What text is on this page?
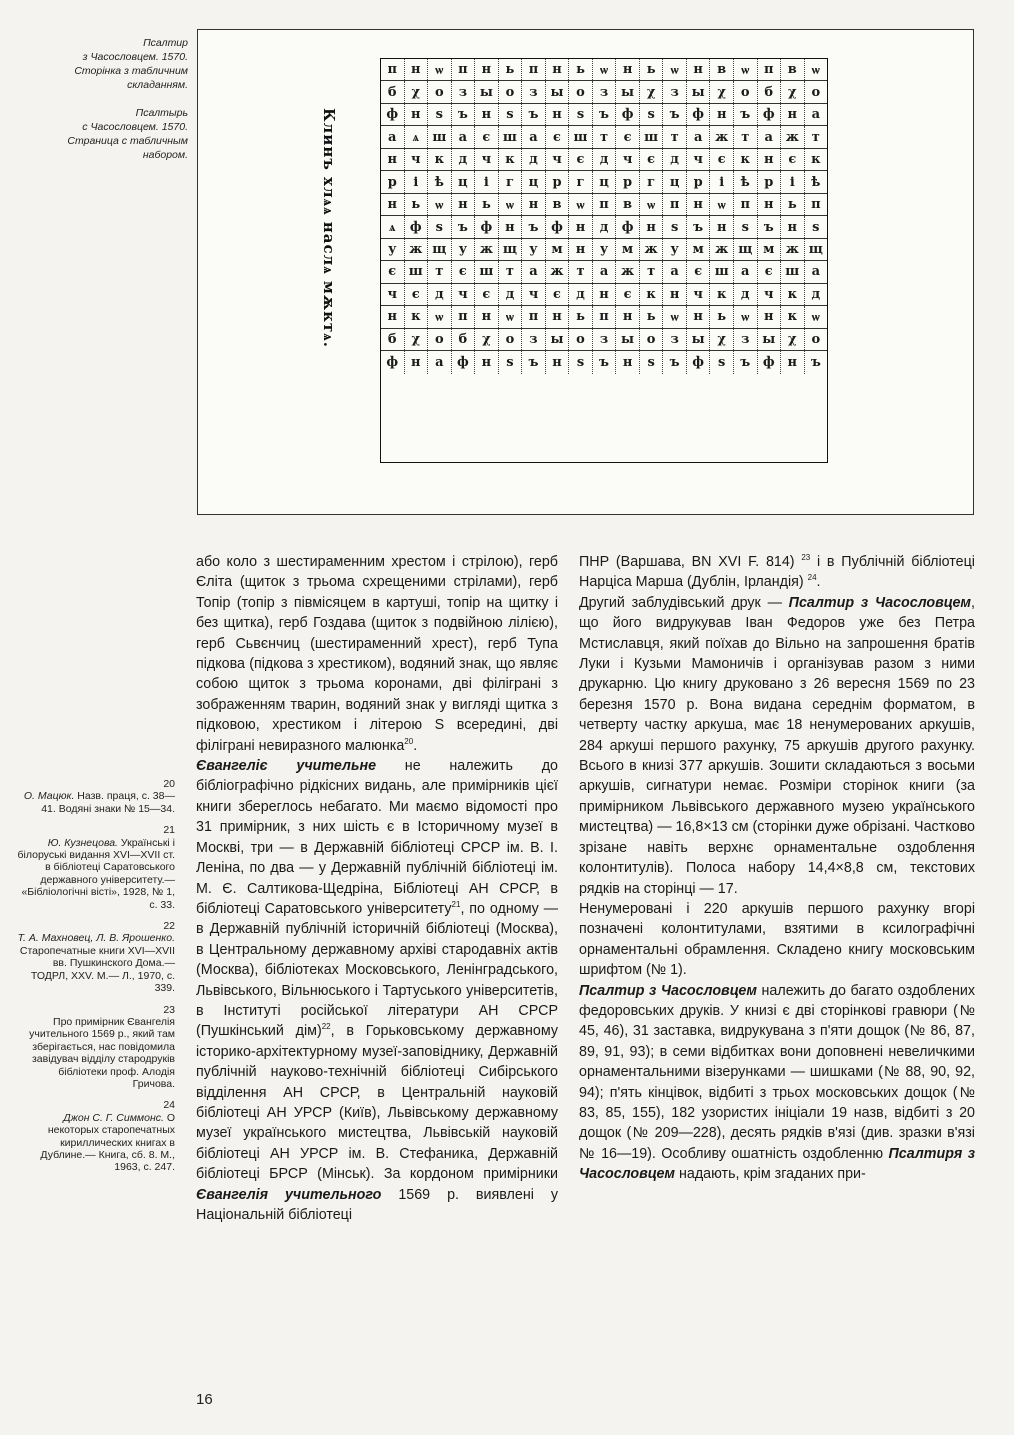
Псалтир
з Часословцем. 1570.
Сторінка з табличним
складанням.
Псалтырь
с Часословцем. 1570.
Страница с табличным
набором.	Клинъ хлѧѧ наслѧ мѫктѧ.
п	н	ѡ	п	н	ь	п	н	ь	ѡ	н	ь	ѡ	н	в	ѡ	п	в	ѡ
б	χ	о	з ы о	з ы о	з ы χ	з ы χ	о	б	χ	о
ф н	s	ъ	н	s	ъ	н	s	ъ ф	s	ъ ф н	ъ ф н	а
а	ѧ	ш а	є ш а	є ш т	є ш т	а ж т	а ж т
н	ч	к	д	ч	к	д	ч	є	д	ч	є	д	ч	є	к	н	є	к
р	і	ѣ	ц	і	г	ц	р	г	ц	р	г	ц	р	і	ѣ	р	і	ѣ
н	ь	ѡ	н	ь	ѡ	н	в	ѡ	п	в	ѡ	п	н	ѡ	п	н	ь	п
ѧ	ф	s	ъ ф н	ъ ф н	д	ф н	s	ъ	н	s	ъ	н	s
у ж щ у ж щ у	м	н	у	м ж у	м ж щ м ж щ
є ш т	є ш т	а ж т	а ж т	а	є ш а	є ш а
ч	є	д	ч	є	д	ч	є	д	н	є	к	н	ч	к	д	ч	к	д
н	к	ѡ	п	н	ѡ	п	н	ь	п	н	ь	ѡ	н	ь	ѡ	н	к	ѡ
б	χ	о	б	χ	о	з ы о	з ы о	з ы χ	з ы χ	о
ф н	а	ф н	s	ъ	н	s	ъ	н	s	ъ ф	s	ъ ф н	ъ
20
О. Мацюк. Назв. праця, с. 38—41. Водяні знаки № 15—34.
21
Ю. Кузнецова. Українські і білоруські видання XVI—XVII ст. в бібліотеці Саратовського державного університету.— «Бібліологічні вісті», 1928, № 1, с. 33.
22
Т. А. Махновец, Л. В. Ярошенко. Старопечатные книги XVI—XVII вв. Пушкинского Дома.— ТОДРЛ, XXV. М.— Л., 1970, с. 339.
23
Про примірник Євангелія учительного 1569 р., який там зберігається, нас повідомила завідувач відділу стародруків бібліотеки проф. Алодія Гричова.
24
Джон С. Г. Симмонс. О некоторых старопечатных кириллических книгах в Дублине.— Книга, сб. 8. М., 1963, с. 247.

або коло з шестираменним хрестом і стрілою), герб Єліта (щиток з трьома схрещеними стрілами), герб Топір (топір з півмісяцем в картуші, топір на щитку і без щитка), герб Гоздава (щиток з подвійною лілією), герб Сьвєнчиц (шестираменний хрест), герб Тупа підкова (підкова з хрестиком), водяний знак, що являє собою щиток з трьома коронами, дві філіграні з зображенням тварин, водяний знак у вигляді щитка з підковою, хрестиком і літерою S всередині, дві філіграні невиразного малюнка$^{20}$.

Євангеліє учительне не належить до бібліографічно рідкісних видань, але примірників цієї книги збереглось небагато. Ми маємо відомості про 31 примірник, з них шість є в Історичному музеї в Москві, три — в Державній бібліотеці СРСР ім. В. І. Леніна, по два — у Державній публічній бібліотеці ім. М. Є. Салтикова-Щедріна, Бібліотеці АН СРСР, в бібліотеці Саратовського університету$^{21}$, по одному — в Державній публічній історичній бібліотеці (Москва), в Центральному державному архіві стародавніх актів (Москва), бібліотеках Московського, Ленінградського, Львівського, Вільнюського і Тартуського університетів, в Інституті російської літератури АН СРСР (Пушкінський дім)$^{22}$, в Горьковському державному історико-архітектурному музеї-заповіднику, Державній публічній науково-технічній бібліотеці Сибірського відділення АН СРСР, в Центральній науковій бібліотеці АН УРСР (Київ), Львівському державному музеї українського мистецтва, Львівській науковій бібліотеці АН УРСР ім. В. Стефаника, Державній бібліотеці БРСР (Мінськ). За кордоном примірники Євангелія учительного 1569 р. виявлені у Національній бібліотеці

ПНР (Варшава, BN XVI F. 814) $^{23}$ і в Публічній бібліотеці Нарціса Марша (Дублін, Ірландія) $^{24}$.

Другий заблудівський друк — Псалтир з Часословцем, що його видрукував Іван Федоров уже без Петра Мстиславця, який поїхав до Вільно на запрошення братів Луки і Кузьми Мамоничів і організував разом з ними друкарню. Цю книгу друковано з 26 вересня 1569 по 23 березня 1570 р. Вона видана середнім форматом, в четверту частку аркуша, має 18 ненумерованих аркушів, 284 аркуші першого рахунку, 75 аркушів другого рахунку. Всього в книзі 377 аркушів. Зошити складаються з восьми аркушів, сигнатури немає. Розміри сторінок книги (за примірником Львівського державного музею українського мистецтва) — 16,8×13 см (сторінки дуже обрізані. Частково зрізане навіть верхнє орнаментальне оздоблення колонтитулів). Полоса набору 14,4×8,8 см, текстових рядків на сторінці — 17.

Ненумеровані і 220 аркушів першого рахунку вгорі позначені колонтитулами, взятими в ксилографічні орнаментальні обрамлення. Складено книгу московським шрифтом (№ 1).

Псалтир з Часословцем належить до багато оздоблених федоровських друків. У книзі є дві сторінкові гравюри (№ 45, 46), 31 заставка, видрукувана з п'яти дощок (№ 86, 87, 89, 91, 93); в семи відбитках вони доповнені невеличкими орнаментальними візерунками — шишками (№ 88, 90, 92, 94); п'ять кінцівок, відбиті з трьох московських дощок (№ 83, 85, 155), 182 узористих ініціали 19 назв, відбиті з 20 дощок (№ 209—228), десять рядків в'язі (див. зразки в'язі № 16—19). Особливу ошатність оздобленню Псалтиря з Часословцем надають, крім згаданих при-

16
